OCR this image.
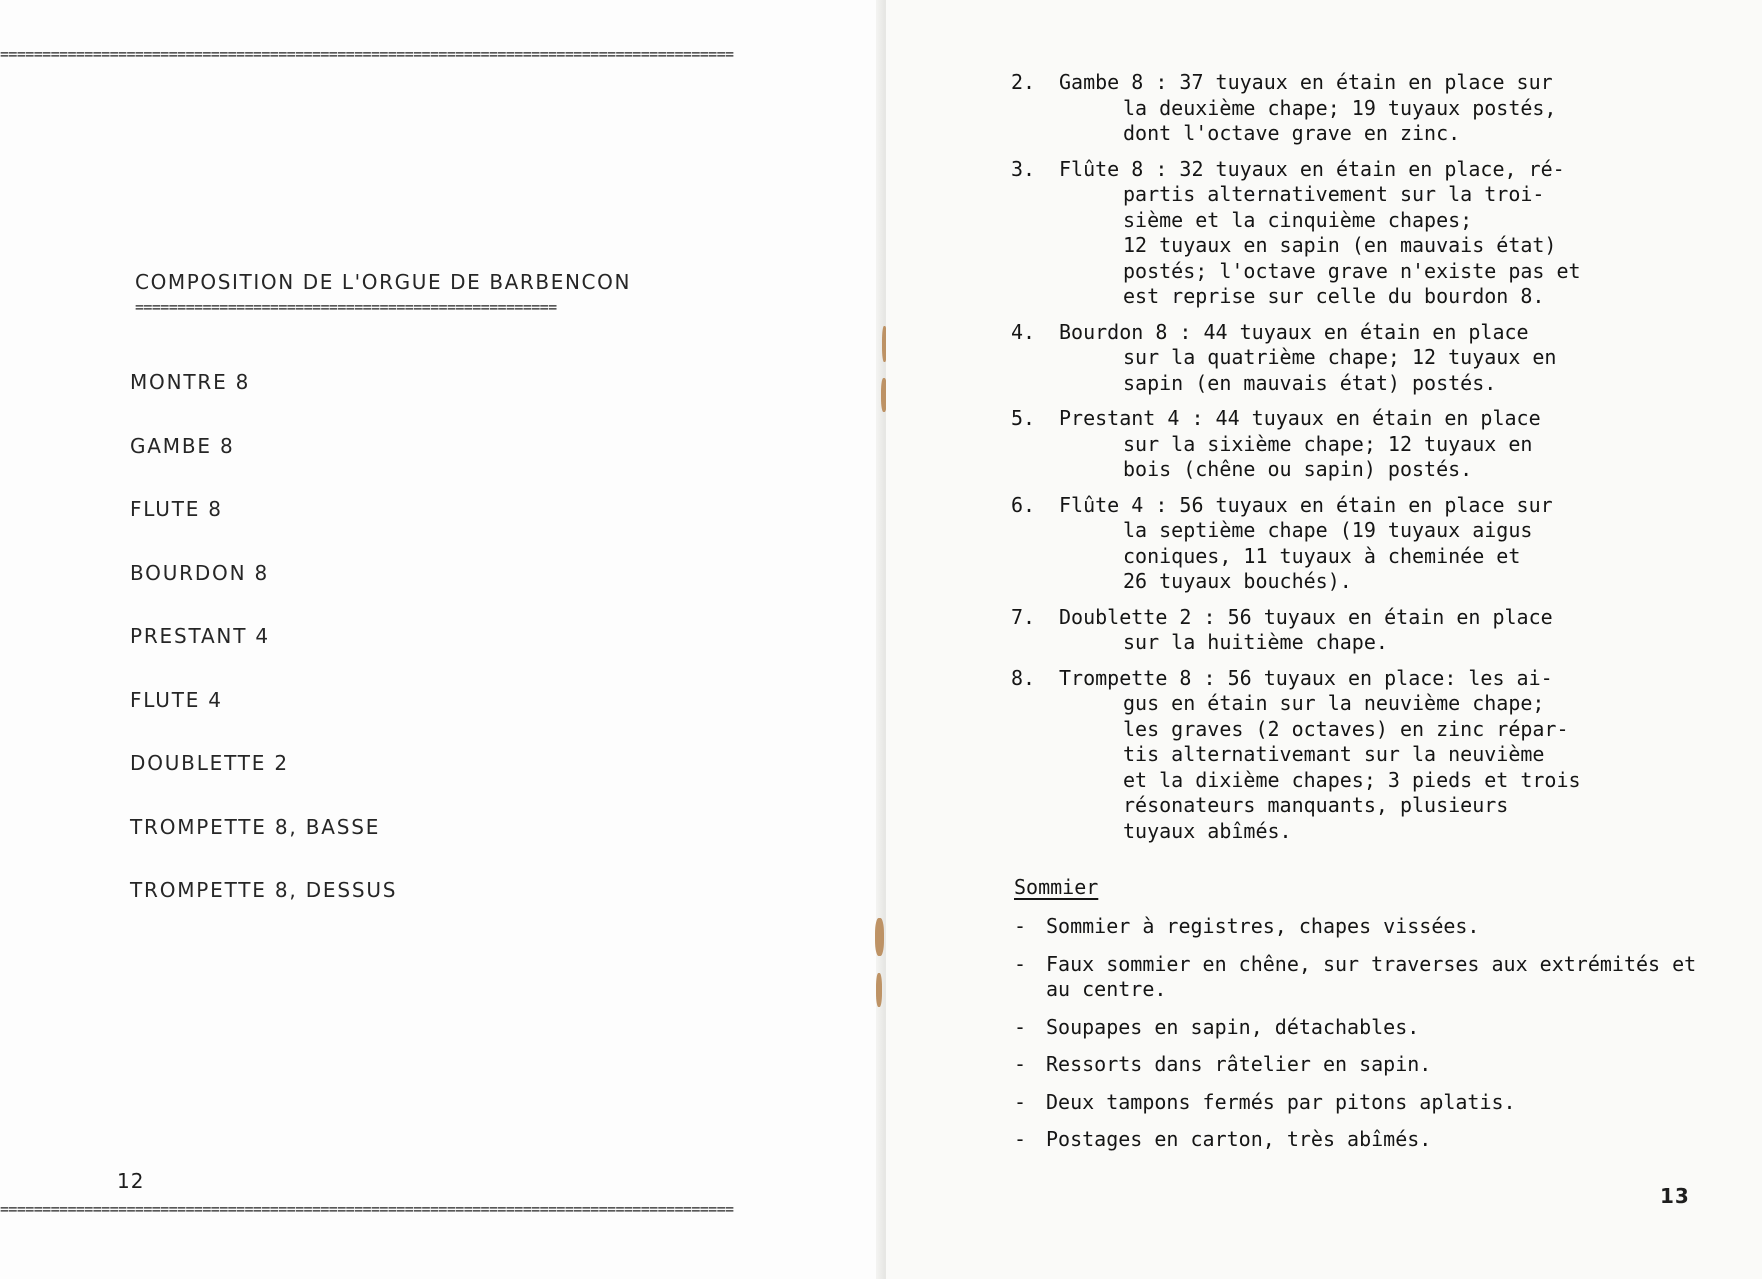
=======================================================================================
COMPOSITION DE L'ORGUE DE BARBENCON
==================================================
MONTRE 8
GAMBE 8
FLUTE 8
BOURDON 8
PRESTANT 4
FLUTE 4
DOUBLETTE 2
TROMPETTE 8, BASSE
TROMPETTE 8, DESSUS
12
=======================================================================================
2. Gambe 8 : 37 tuyaux en étain en place sur
la deuxième chape; 19 tuyaux postés,
dont l'octave grave en zinc.
3. Flûte 8 : 32 tuyaux en étain en place, ré-
partis alternativement sur la troi-
sième et la cinquième chapes;
12 tuyaux en sapin (en mauvais état)
postés; l'octave grave n'existe pas et
est reprise sur celle du bourdon 8.
4. Bourdon 8 : 44 tuyaux en étain en place
sur la quatrième chape; 12 tuyaux en
sapin (en mauvais état) postés.
5. Prestant 4 : 44 tuyaux en étain en place
sur la sixième chape; 12 tuyaux en
bois (chêne ou sapin) postés.
6. Flûte 4 : 56 tuyaux en étain en place sur
la septième chape (19 tuyaux aigus
coniques, 11 tuyaux à cheminée et
26 tuyaux bouchés).
7. Doublette 2 : 56 tuyaux en étain en place
sur la huitième chape.
8. Trompette 8 : 56 tuyaux en place: les ai-
gus en étain sur la neuvième chape;
les graves (2 octaves) en zinc répar-
tis alternativemant sur la neuvième
et la dixième chapes; 3 pieds et trois
résonateurs manquants, plusieurs
tuyaux abîmés.
Sommier
- Sommier à registres, chapes vissées.
- Faux sommier en chêne, sur traverses aux extrémités et au centre.
- Soupapes en sapin, détachables.
- Ressorts dans râtelier en sapin.
- Deux tampons fermés par pitons aplatis.
- Postages en carton, très abîmés.
13
